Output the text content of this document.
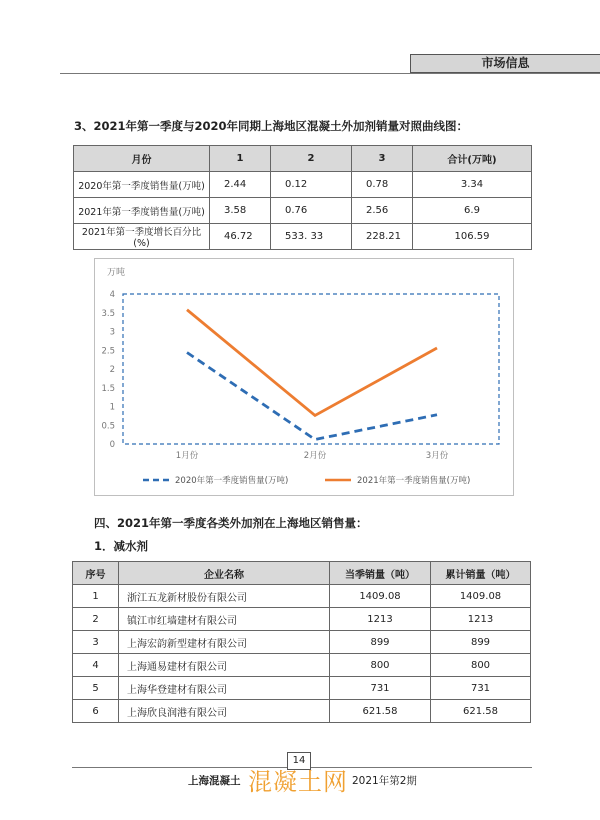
市场信息
3、2021年第一季度与2020年同期上海地区混凝土外加剂销量对照曲线图：
月份	1	2	3	合计(万吨)
2020年第一季度销售量(万吨)	2.44	0.12	0.78	3.34
2021年第一季度销售量(万吨)	3.58	0.76	2.56	6.9
2021年第一季度增长百分比(%)	46.72	533. 33	228.21	106.59
万吨
0
0.5
1
1.5
2
2.5
3
3.5
4
1月份	2月份	3月份
2020年第一季度销售量(万吨)	2021年第一季度销售量(万吨)
四、2021年第一季度各类外加剂在上海地区销售量：
1．减水剂
序号	企业名称	当季销量（吨）	累计销量（吨）
1	浙江五龙新材股份有限公司	1409.08	1409.08
2	镇江市红墙建材有限公司	1213	1213
3	上海宏韵新型建材有限公司	899	899
4	上海通易建材有限公司	800	800
5	上海华登建材有限公司	731	731
6	上海欣良润港有限公司	621.58	621.58
14
上海混凝土	2021年第2期
混凝土网
